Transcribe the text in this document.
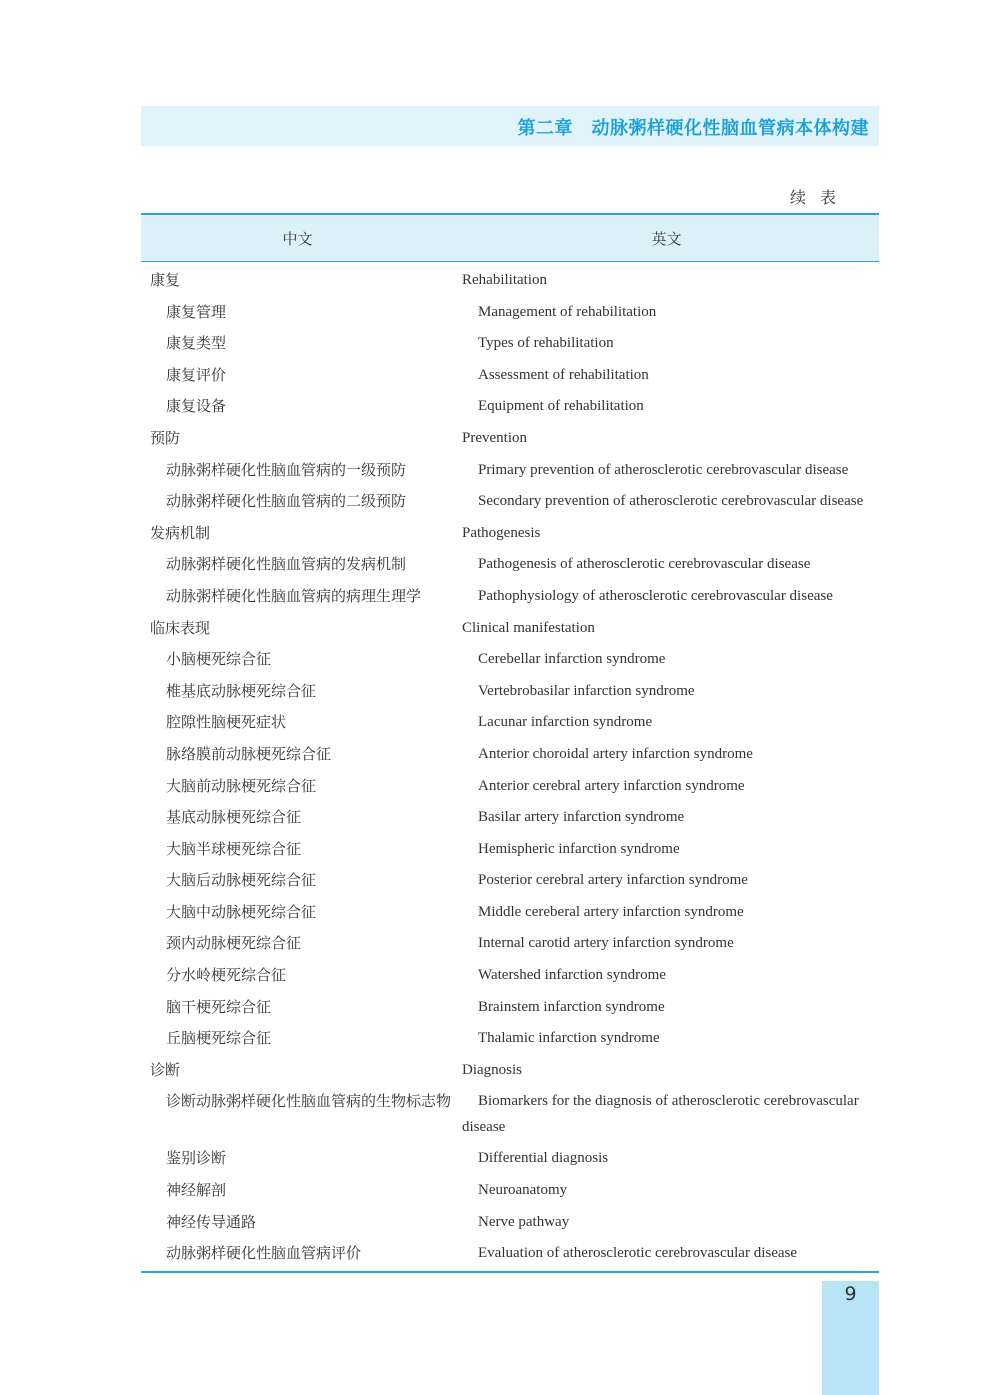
第二章　动脉粥样硬化性脑血管病本体构建
续表
中文	英文
康复	Rehabilitation
康复管理	Management of rehabilitation
康复类型	Types of rehabilitation
康复评价	Assessment of rehabilitation
康复设备	Equipment of rehabilitation
预防	Prevention
动脉粥样硬化性脑血管病的一级预防	Primary prevention of atherosclerotic cerebrovascular disease
动脉粥样硬化性脑血管病的二级预防	Secondary prevention of atherosclerotic cerebrovascular disease
发病机制	Pathogenesis
动脉粥样硬化性脑血管病的发病机制	Pathogenesis of atherosclerotic cerebrovascular disease
动脉粥样硬化性脑血管病的病理生理学	Pathophysiology of atherosclerotic cerebrovascular disease
临床表现	Clinical manifestation
小脑梗死综合征	Cerebellar infarction syndrome
椎基底动脉梗死综合征	Vertebrobasilar infarction syndrome
腔隙性脑梗死症状	Lacunar infarction syndrome
脉络膜前动脉梗死综合征	Anterior choroidal artery infarction syndrome
大脑前动脉梗死综合征	Anterior cerebral artery infarction syndrome
基底动脉梗死综合征	Basilar artery infarction syndrome
大脑半球梗死综合征	Hemispheric infarction syndrome
大脑后动脉梗死综合征	Posterior cerebral artery infarction syndrome
大脑中动脉梗死综合征	Middle cereberal artery infarction syndrome
颈内动脉梗死综合征	Internal carotid artery infarction syndrome
分水岭梗死综合征	Watershed infarction syndrome
脑干梗死综合征	Brainstem infarction syndrome
丘脑梗死综合征	Thalamic infarction syndrome
诊断	Diagnosis
诊断动脉粥样硬化性脑血管病的生物标志物	Biomarkers for the diagnosis of atherosclerotic cerebrovascular disease
鉴别诊断	Differential diagnosis
神经解剖	Neuroanatomy
神经传导通路	Nerve pathway
动脉粥样硬化性脑血管病评价	Evaluation of atherosclerotic cerebrovascular disease
9
